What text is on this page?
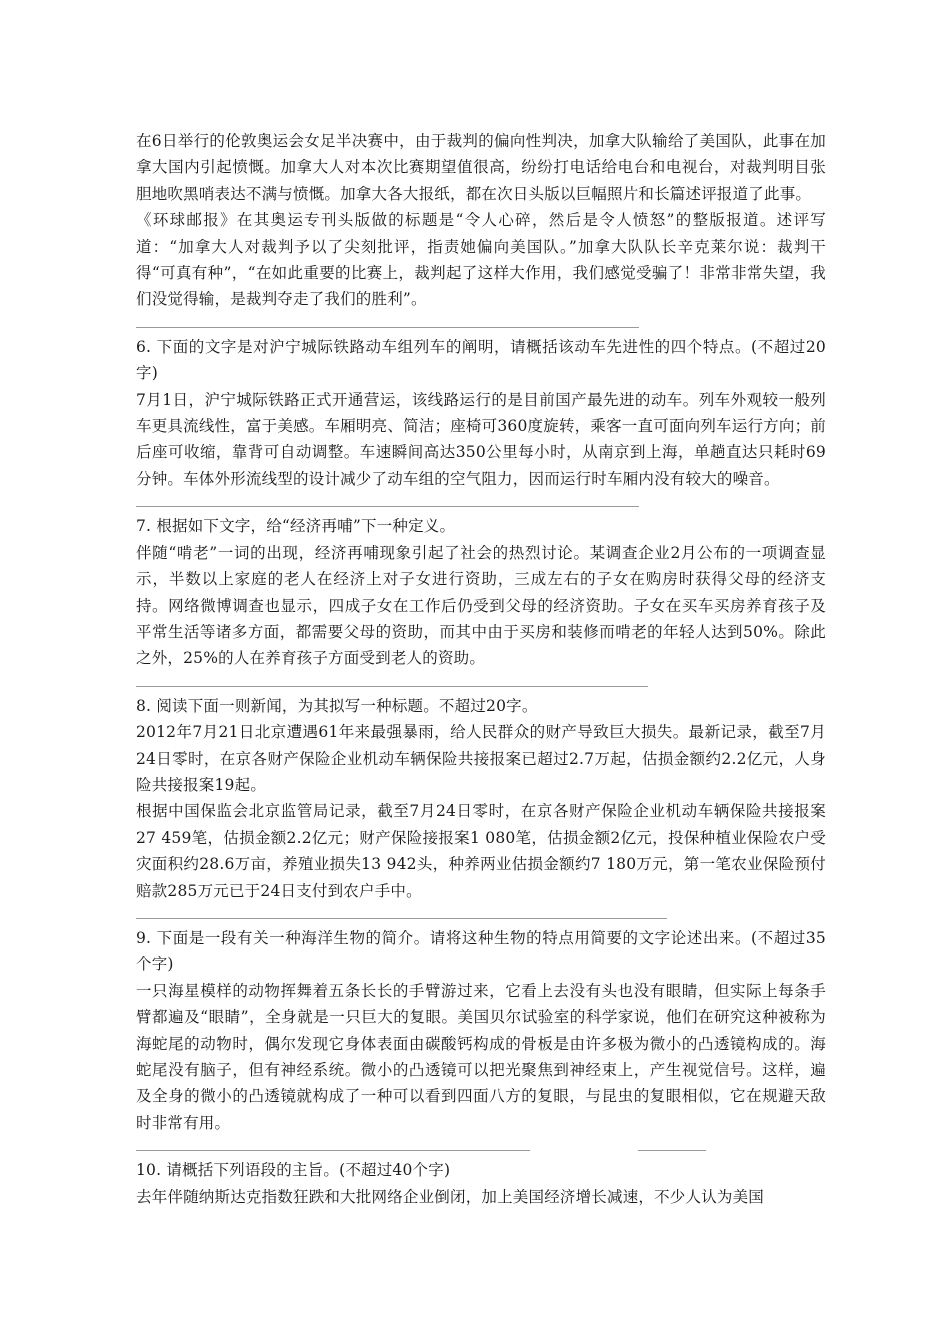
在6日举行的伦敦奥运会女足半决赛中，由于裁判的偏向性判决，加拿大队输给了美国队，此事在加拿大国内引起愤慨。加拿大人对本次比赛期望值很高，纷纷打电话给电台和电视台，对裁判明目张胆地吹黑哨表达不满与愤慨。加拿大各大报纸，都在次日头版以巨幅照片和长篇述评报道了此事。

《环球邮报》在其奥运专刊头版做的标题是“令人心碎，然后是令人愤怒”的整版报道。述评写道：“加拿大人对裁判予以了尖刻批评，指责她偏向美国队。”加拿大队队长辛克莱尔说：裁判干得“可真有种”，“在如此重要的比赛上，裁判起了这样大作用，我们感觉受骗了！非常非常失望，我们没觉得输，是裁判夺走了我们的胜利”。

6. 下面的文字是对沪宁城际铁路动车组列车的阐明，请概括该动车先进性的四个特点。(不超过20字)

7月1日，沪宁城际铁路正式开通营运，该线路运行的是目前国产最先进的动车。列车外观较一般列车更具流线性，富于美感。车厢明亮、简洁；座椅可360度旋转，乘客一直可面向列车运行方向；前后座可收缩，靠背可自动调整。车速瞬间高达350公里每小时，从南京到上海，单趟直达只耗时69分钟。车体外形流线型的设计减少了动车组的空气阻力，因而运行时车厢内没有较大的噪音。

7. 根据如下文字，给“经济再哺”下一种定义。

伴随“啃老”一词的出现，经济再哺现象引起了社会的热烈讨论。某调查企业2月公布的一项调查显示，半数以上家庭的老人在经济上对子女进行资助，三成左右的子女在购房时获得父母的经济支持。网络微博调查也显示，四成子女在工作后仍受到父母的经济资助。子女在买车买房养育孩子及平常生活等诸多方面，都需要父母的资助，而其中由于买房和装修而啃老的年轻人达到50%。除此之外，25%的人在养育孩子方面受到老人的资助。

8. 阅读下面一则新闻，为其拟写一种标题。不超过20字。

2012年7月21日北京遭遇61年来最强暴雨，给人民群众的财产导致巨大损失。最新记录，截至7月24日零时，在京各财产保险企业机动车辆保险共接报案已超过2.7万起，估损金额约2.2亿元，人身险共接报案19起。

根据中国保监会北京监管局记录，截至7月24日零时，在京各财产保险企业机动车辆保险共接报案27 459笔，估损金额2.2亿元；财产保险接报案1 080笔，估损金额2亿元，投保种植业保险农户受灾面积约28.6万亩，养殖业损失13 942头，种养两业估损金额约7 180万元，第一笔农业保险预付赔款285万元已于24日支付到农户手中。

9. 下面是一段有关一种海洋生物的简介。请将这种生物的特点用简要的文字论述出来。(不超过35个字)

一只海星模样的动物挥舞着五条长长的手臂游过来，它看上去没有头也没有眼睛，但实际上每条手臂都遍及“眼睛”，全身就是一只巨大的复眼。美国贝尔试验室的科学家说，他们在研究这种被称为海蛇尾的动物时，偶尔发现它身体表面由碳酸钙构成的骨板是由许多极为微小的凸透镜构成的。海蛇尾没有脑子，但有神经系统。微小的凸透镜可以把光聚焦到神经束上，产生视觉信号。这样，遍及全身的微小的凸透镜就构成了一种可以看到四面八方的复眼，与昆虫的复眼相似，它在规避天敌时非常有用。

10. 请概括下列语段的主旨。(不超过40个字)

去年伴随纳斯达克指数狂跌和大批网络企业倒闭，加上美国经济增长减速，不少人认为美国
